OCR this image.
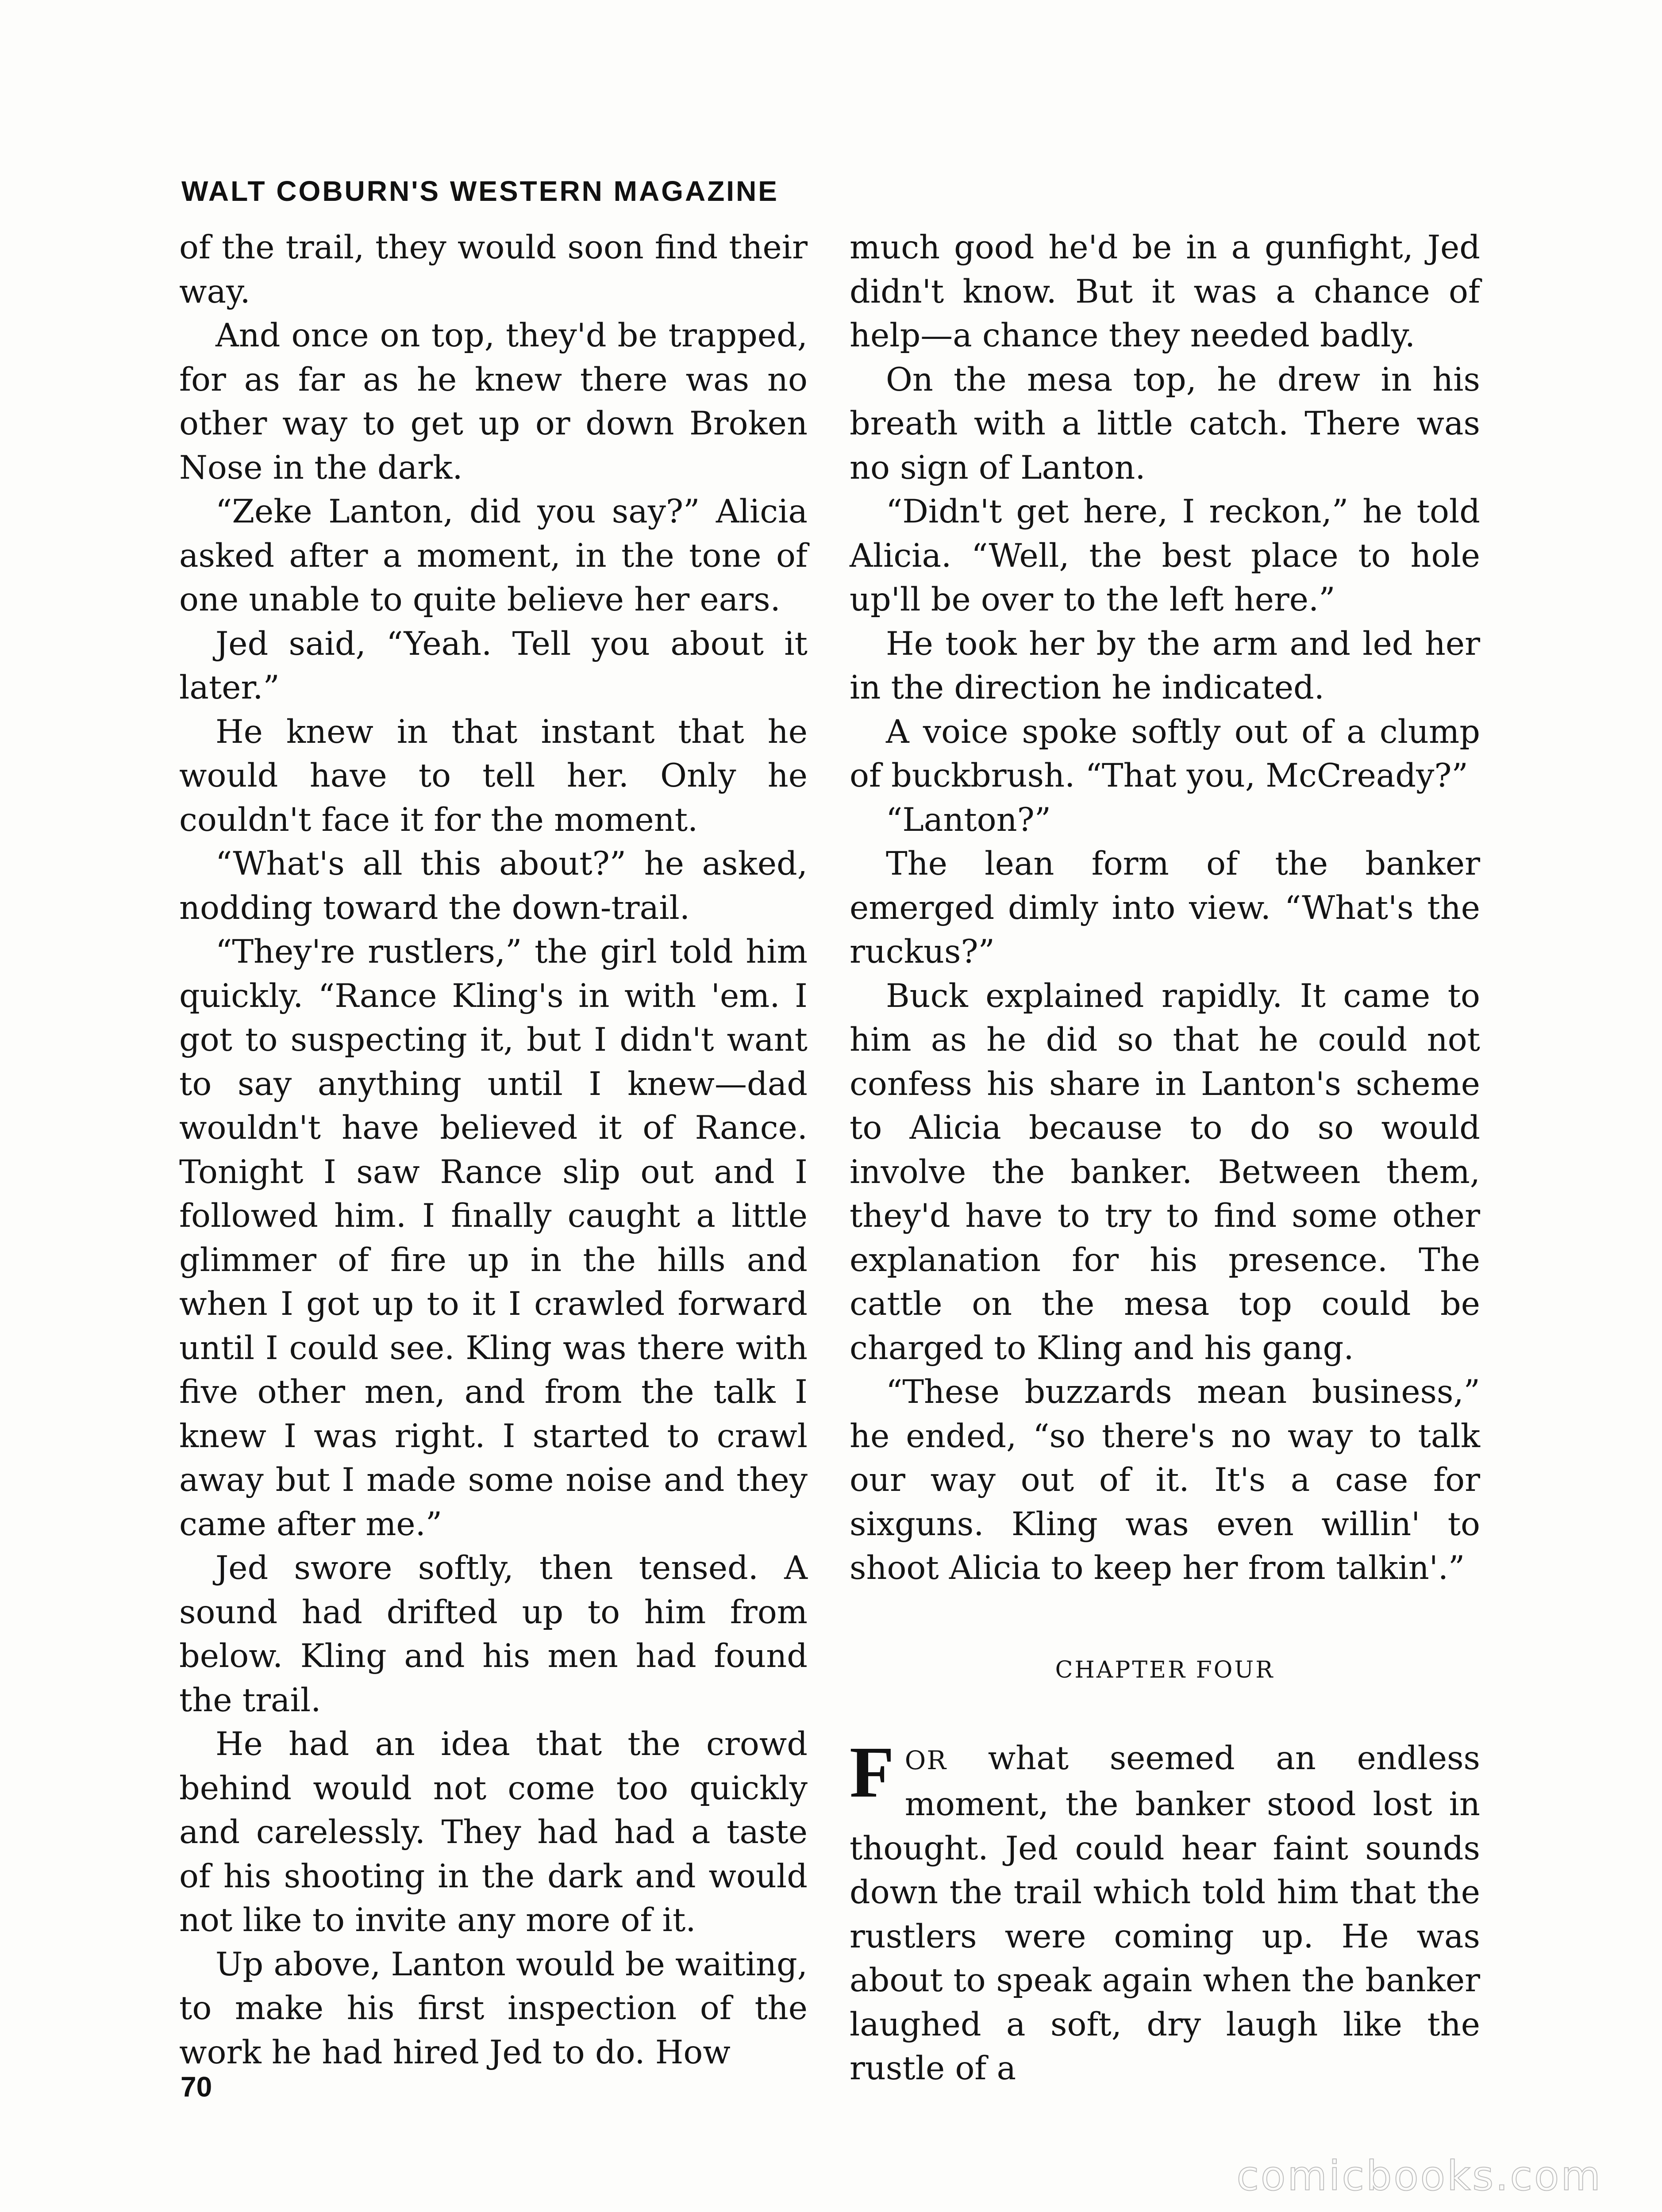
WALT COBURN'S WESTERN MAGAZINE

of the trail, they would soon find their way.

And once on top, they'd be trapped, for as far as he knew there was no other way to get up or down Broken Nose in the dark.

“Zeke Lanton, did you say?” Alicia asked after a moment, in the tone of one unable to quite believe her ears.

Jed said, “Yeah. Tell you about it later.”

He knew in that instant that he would have to tell her. Only he couldn't face it for the moment.

“What's all this about?” he asked, nodding toward the down-trail.

“They're rustlers,” the girl told him quickly. “Rance Kling's in with 'em. I got to suspecting it, but I didn't want to say anything until I knew—dad wouldn't have believed it of Rance. Tonight I saw Rance slip out and I followed him. I finally caught a little glimmer of fire up in the hills and when I got up to it I crawled forward until I could see. Kling was there with five other men, and from the talk I knew I was right. I started to crawl away but I made some noise and they came after me.”

Jed swore softly, then tensed. A sound had drifted up to him from below. Kling and his men had found the trail.

He had an idea that the crowd behind would not come too quickly and carelessly. They had had a taste of his shooting in the dark and would not like to invite any more of it.

Up above, Lanton would be waiting, to make his first inspection of the work he had hired Jed to do. How

much good he'd be in a gunfight, Jed didn't know. But it was a chance of help—a chance they needed badly.

On the mesa top, he drew in his breath with a little catch. There was no sign of Lanton.

“Didn't get here, I reckon,” he told Alicia. “Well, the best place to hole up'll be over to the left here.”

He took her by the arm and led her in the direction he indicated.

A voice spoke softly out of a clump of buckbrush. “That you, McCready?”

“Lanton?”

The lean form of the banker emerged dimly into view. “What's the ruckus?”

Buck explained rapidly. It came to him as he did so that he could not confess his share in Lanton's scheme to Alicia because to do so would involve the banker. Between them, they'd have to try to find some other explanation for his presence. The cattle on the mesa top could be charged to Kling and his gang.

“These buzzards mean business,” he ended, “so there's no way to talk our way out of it. It's a case for sixguns. Kling was even willin' to shoot Alicia to keep her from talkin'.”

CHAPTER FOUR

FOR what seemed an endless moment, the banker stood lost in thought. Jed could hear faint sounds down the trail which told him that the rustlers were coming up. He was about to speak again when the banker laughed a soft, dry laugh like the rustle of a

70
comicbooks.com
